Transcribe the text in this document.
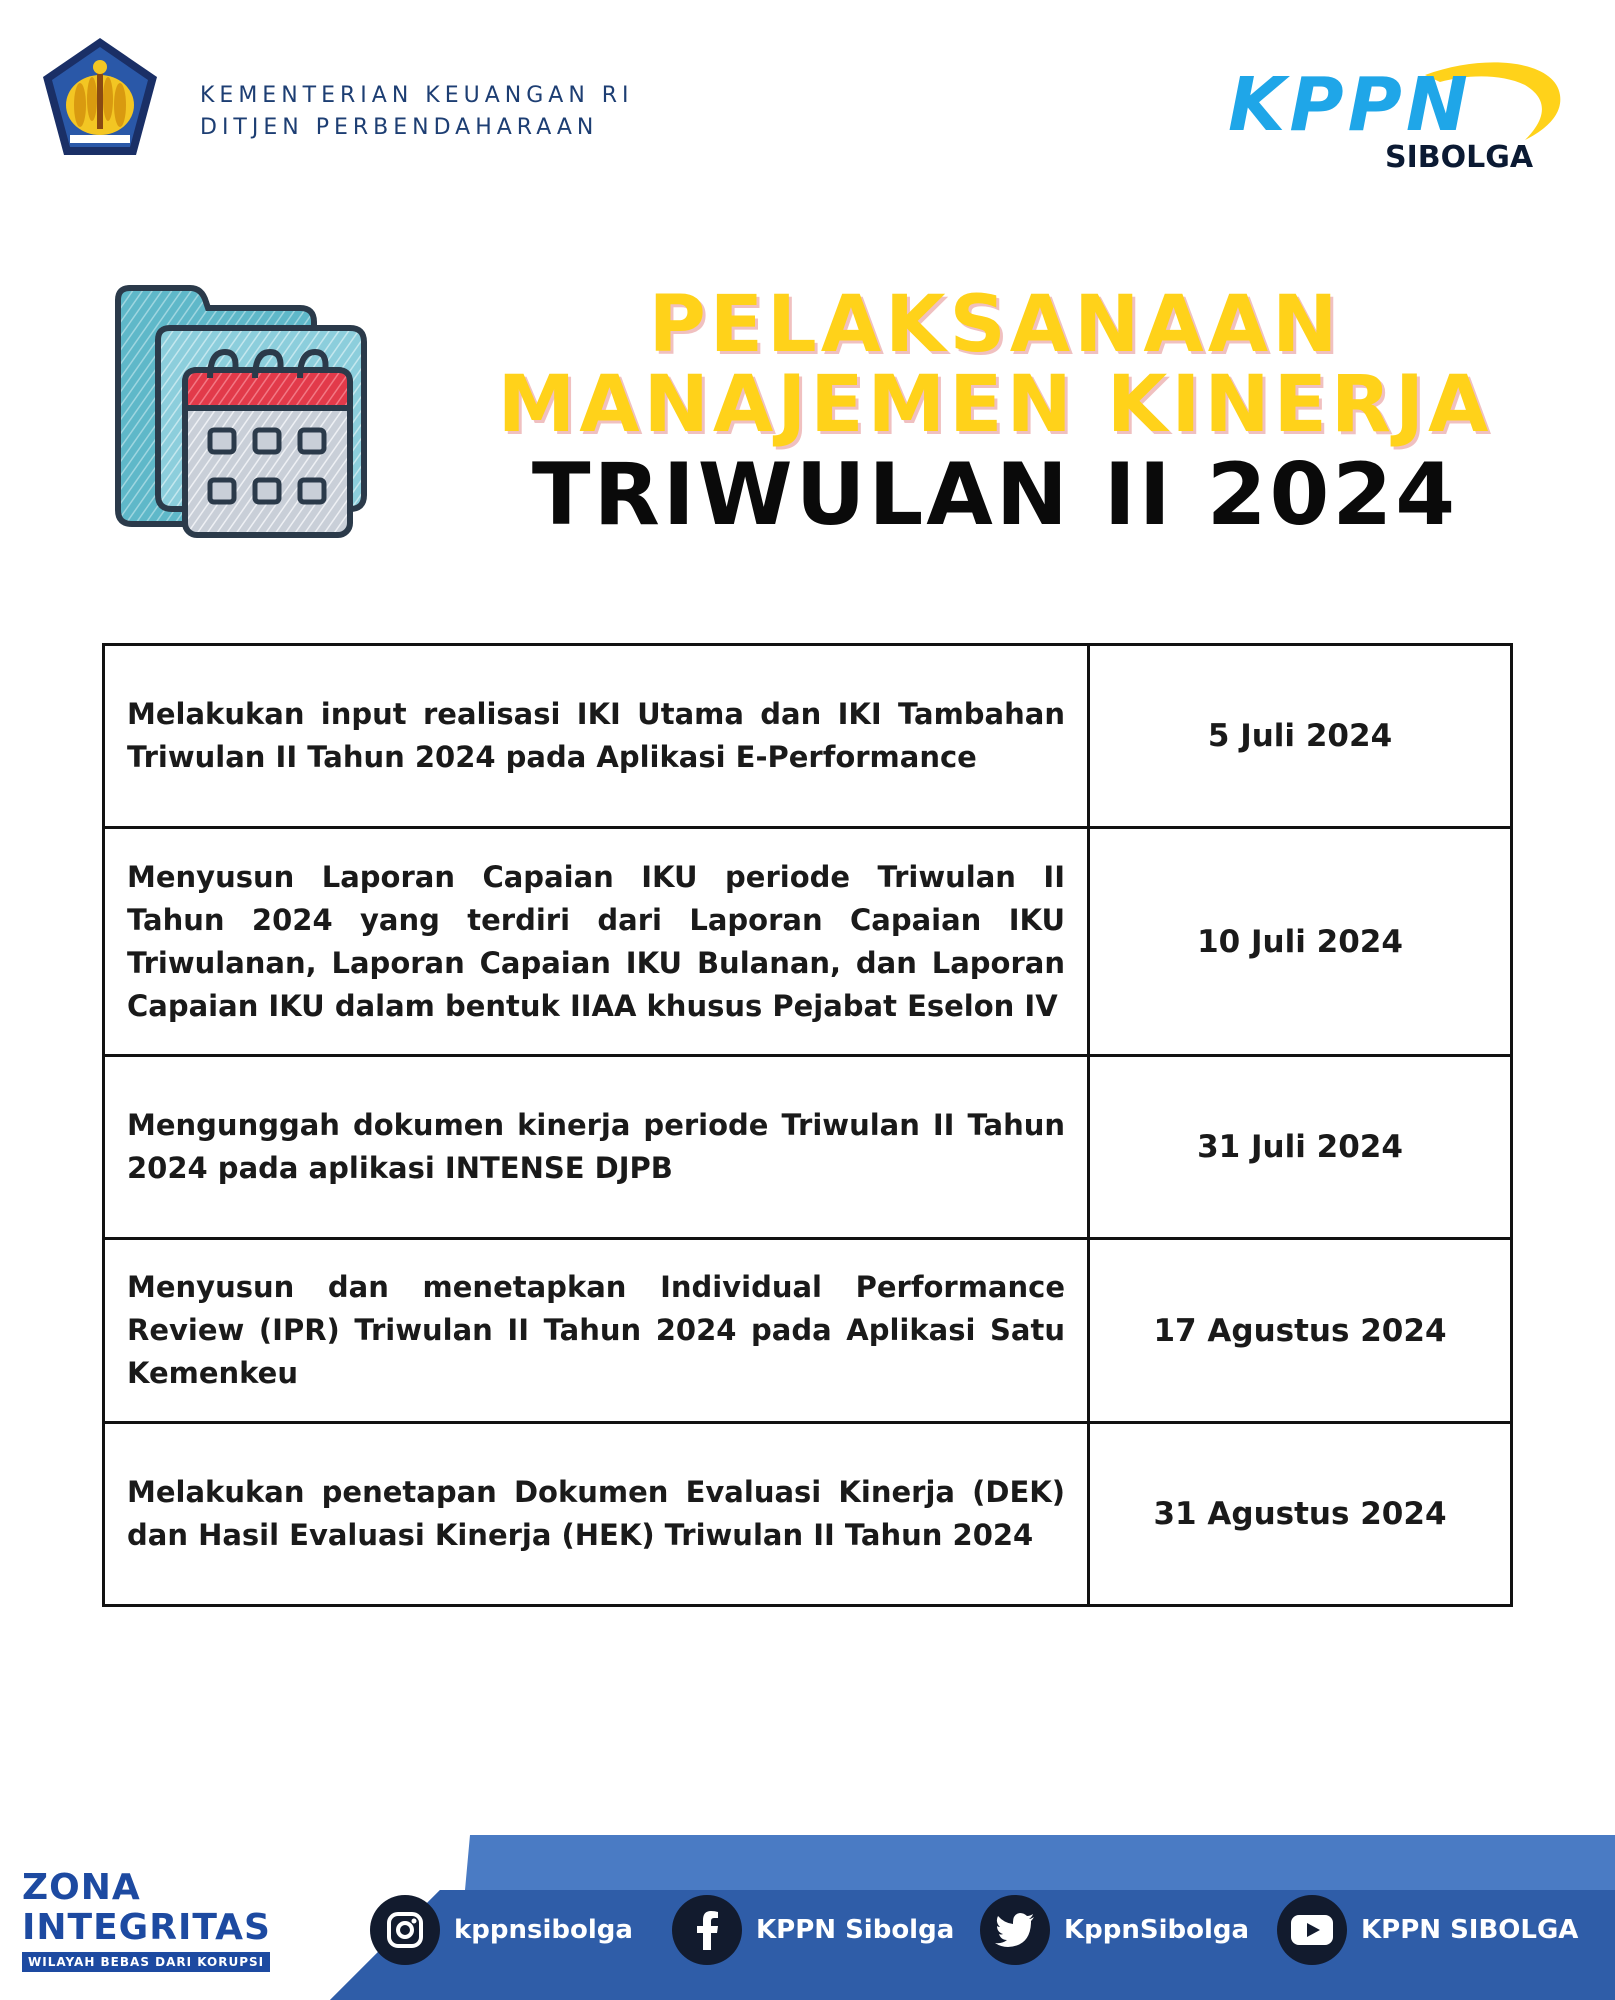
KEMENTERIAN KEUANGAN RI
DITJEN PERBENDAHARAAN	KPPN
SIBOLGA
PELAKSANAAN
MANAJEMEN KINERJA
TRIWULAN II 2024
Melakukan input realisasi IKI Utama dan IKI Tambahan Triwulan II Tahun 2024 pada Aplikasi E-Performance	5 Juli 2024
Menyusun Laporan Capaian IKU periode Triwulan II Tahun 2024 yang terdiri dari Laporan Capaian IKU Triwulanan, Laporan Capaian IKU Bulanan, dan Laporan Capaian IKU dalam bentuk IIAA khusus Pejabat Eselon IV	10 Juli 2024
Mengunggah dokumen kinerja periode Triwulan II Tahun 2024 pada aplikasi INTENSE DJPB	31 Juli 2024
Menyusun dan menetapkan Individual Performance Review (IPR) Triwulan II Tahun 2024 pada Aplikasi Satu Kemenkeu	17 Agustus 2024
Melakukan penetapan Dokumen Evaluasi Kinerja (DEK) dan Hasil Evaluasi Kinerja (HEK) Triwulan II Tahun 2024	31 Agustus 2024
ZONA
INTEGRITAS
WILAYAH BEBAS DARI KORUPSI
kppnsibolga	KPPN Sibolga	KppnSibolga	KPPN SIBOLGA
